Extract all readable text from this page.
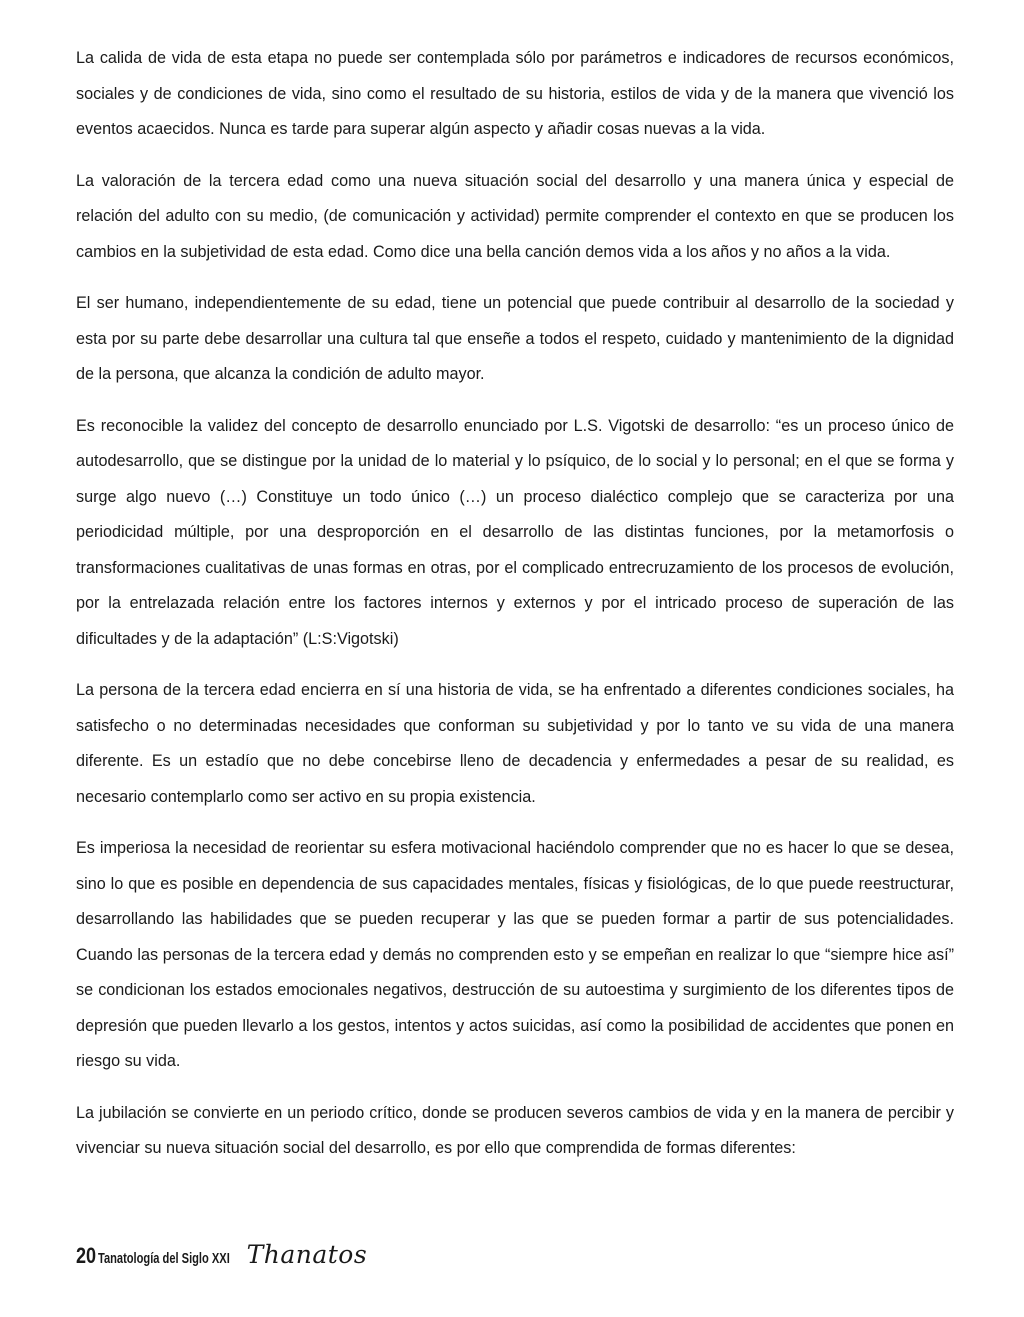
La calida de vida de esta etapa no puede ser contemplada sólo por parámetros e indicadores de recursos económicos, sociales y de condiciones de vida, sino como el resultado de su historia, estilos de vida y de la manera que vivenció los eventos acaecidos. Nunca es tarde para superar algún aspecto y añadir cosas nuevas a la vida.

La valoración de la tercera edad como una nueva situación social del desarrollo y una manera única y especial de relación del adulto con su medio, (de comunicación y actividad) permite comprender el contexto en que se producen los cambios en la subjetividad de esta edad. Como dice una bella canción demos vida a los años y no años a la vida.

El ser humano, independientemente de su edad, tiene un potencial que puede contribuir al desarrollo de la sociedad y esta por su parte debe desarrollar una cultura tal que enseñe a todos el respeto, cuidado y mantenimiento de la dignidad de la persona, que alcanza la condición de adulto mayor.

Es reconocible la validez del concepto de desarrollo enunciado por L.S. Vigotski de desarrollo: “es un proceso único de autodesarrollo, que se distingue por la unidad de lo material y lo psíquico, de lo social y lo personal; en el que se forma y surge algo nuevo (…) Constituye un todo único (…) un proceso dialéctico complejo que se caracteriza por una periodicidad múltiple, por una desproporción en el desarrollo de las distintas funciones, por la metamorfosis o transformaciones cualitativas de unas formas en otras, por el complicado entrecruzamiento de los procesos de evolución, por la entrelazada relación entre los factores internos y externos y por el intricado proceso de superación de las dificultades y de la adaptación” (L:S:Vigotski)

La persona de la tercera edad encierra en sí una historia de vida, se ha enfrentado a diferentes condiciones sociales, ha satisfecho o no determinadas necesidades que conforman su subjetividad y por lo tanto ve su vida de una manera diferente. Es un estadío que no debe concebirse lleno de decadencia y enfermedades a pesar de su realidad, es necesario contemplarlo como ser activo en su propia existencia.

Es imperiosa la necesidad de reorientar su esfera motivacional haciéndolo comprender que no es hacer lo que se desea, sino lo que es posible en dependencia de sus capacidades mentales, físicas y fisiológicas, de lo que puede reestructurar, desarrollando las habilidades que se pueden recuperar y las que se pueden formar a partir de sus potencialidades. Cuando las personas de la tercera edad y demás no comprenden esto y se empeñan en realizar lo que “siempre hice así” se condicionan los estados emocionales negativos, destrucción de su autoestima y surgimiento de los diferentes tipos de depresión que pueden llevarlo a los gestos, intentos y actos suicidas, así como la posibilidad de accidentes que ponen en riesgo su vida.

La jubilación se convierte en un periodo crítico, donde se producen severos cambios de vida y en la manera de percibir y vivenciar su nueva situación social del desarrollo, es por ello que comprendida de formas diferentes:

20 Tanatología del Siglo XXI Thanatos
